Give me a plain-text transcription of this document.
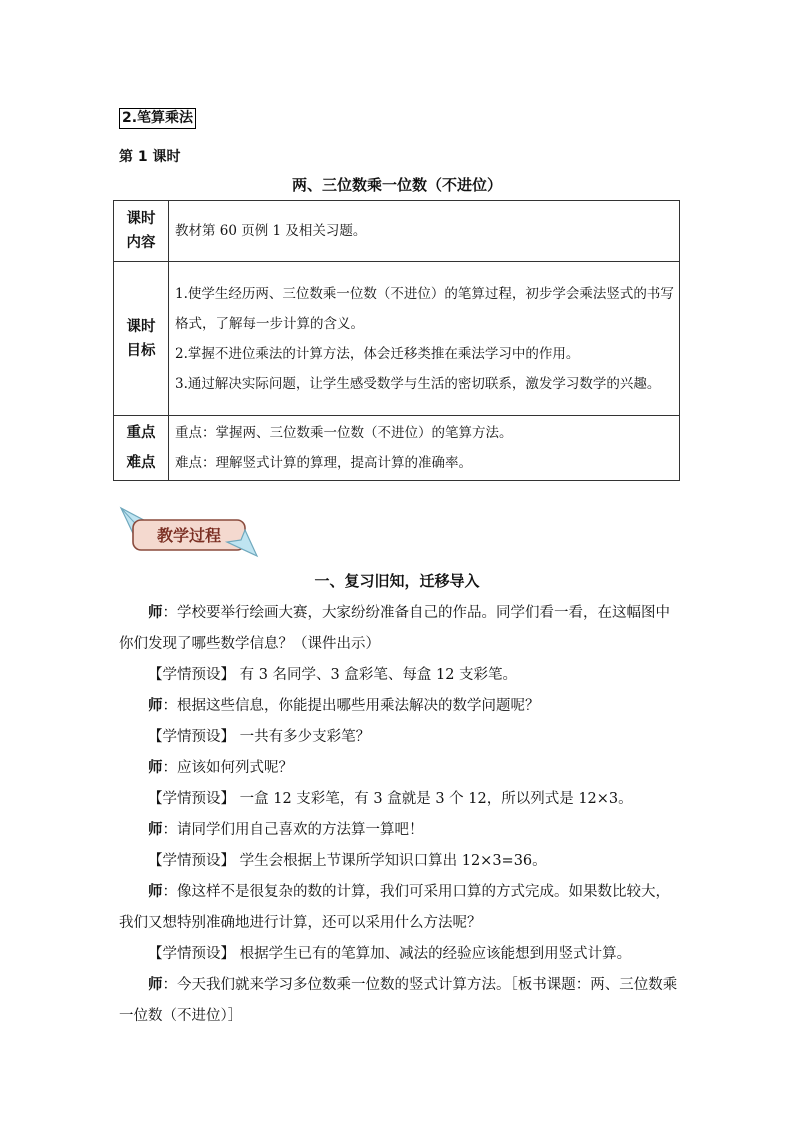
2.笔算乘法
第 1 课时
两、三位数乘一位数（不进位）
课时
内容	教材第 60 页例 1 及相关习题。

课时
目标	1.使学生经历两、三位数乘一位数（不进位）的笔算过程，初步学会乘法竖式的书写格式，了解每一步计算的含义。
2.掌握不进位乘法的计算方法，体会迁移类推在乘法学习中的作用。
3.通过解决实际问题，让学生感受数学与生活的密切联系，激发学习数学的兴趣。

重点
难点	重点：掌握两、三位数乘一位数（不进位）的笔算方法。
难点：理解竖式计算的算理，提高计算的准确率。
教学过程
一、复习旧知，迁移导入

师：学校要举行绘画大赛，大家纷纷准备自己的作品。同学们看一看，在这幅图中你们发现了哪些数学信息？（课件出示）

【学情预设】 有 3 名同学、3 盒彩笔、每盒 12 支彩笔。

师：根据这些信息，你能提出哪些用乘法解决的数学问题呢？

【学情预设】 一共有多少支彩笔？

师：应该如何列式呢？

【学情预设】 一盒 12 支彩笔，有 3 盒就是 3 个 12，所以列式是 12×3。

师：请同学们用自己喜欢的方法算一算吧！

【学情预设】 学生会根据上节课所学知识口算出 12×3=36。

师：像这样不是很复杂的数的计算，我们可采用口算的方式完成。如果数比较大，我们又想特别准确地进行计算，还可以采用什么方法呢？

【学情预设】 根据学生已有的笔算加、减法的经验应该能想到用竖式计算。

师：今天我们就来学习多位数乘一位数的竖式计算方法。［板书课题：两、三位数乘一位数（不进位）］
